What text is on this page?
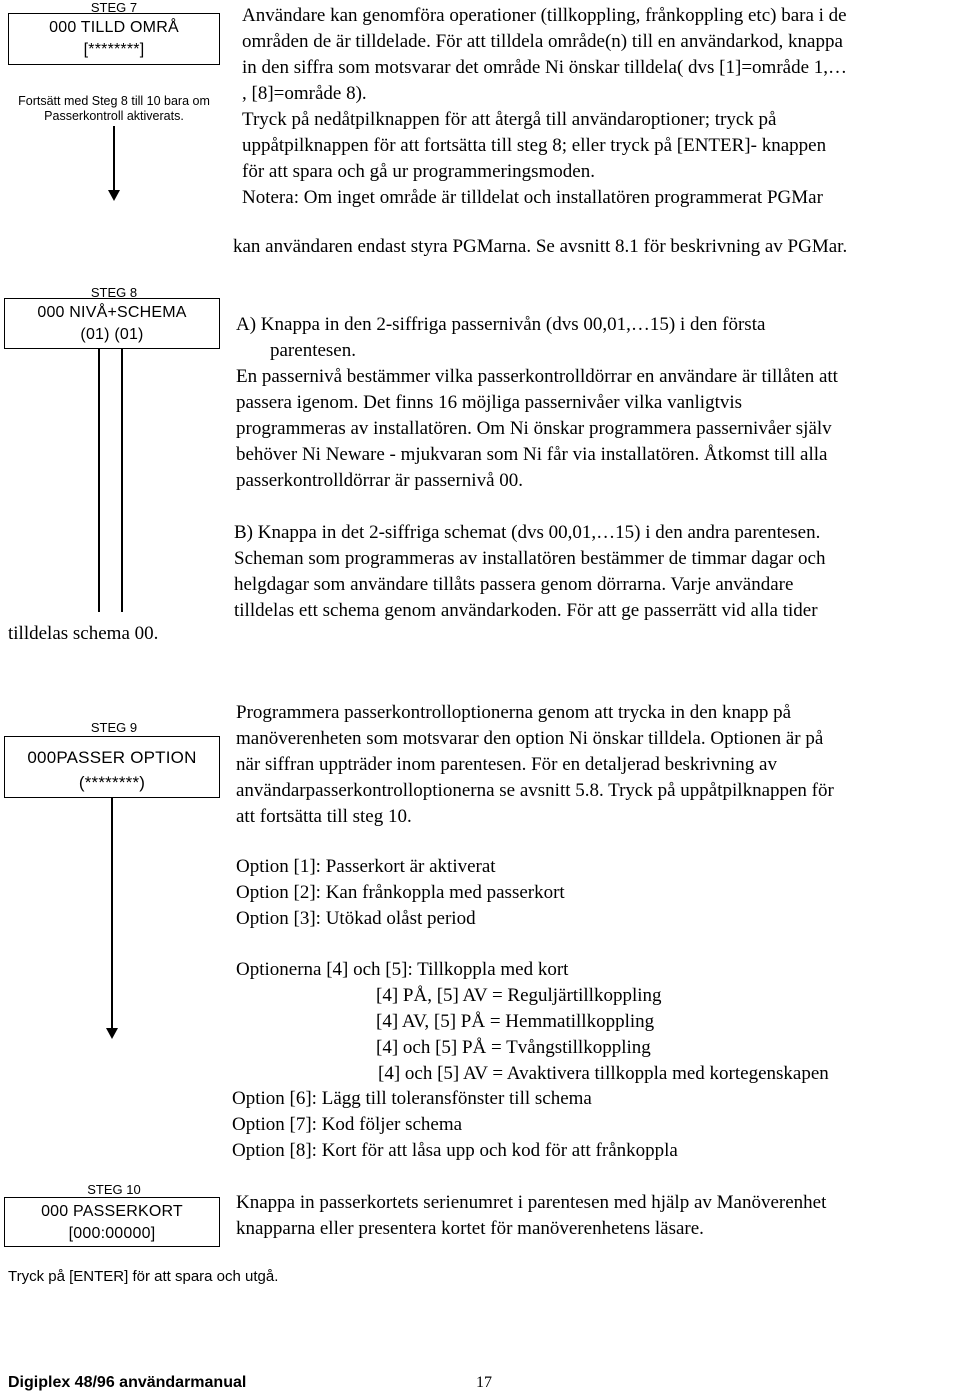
STEG 7
000 TILLD OMRÅ
[********]
Fortsätt med Steg 8 till 10 bara om
Passerkontroll aktiverats.
Användare kan genomföra operationer (tillkoppling, frånkoppling etc) bara i de
områden de är tilldelade. För att tilldela område(n) till en användarkod, knappa
in den siffra som motsvarar det område Ni önskar tilldela( dvs [1]=område 1,…
, [8]=område 8).
Tryck på nedåtpilknappen för att återgå till användaroptioner; tryck på
uppåtpilknappen för att fortsätta till steg 8; eller tryck på [ENTER]- knappen
för att spara och gå ur programmeringsmoden.
Notera: Om inget område är tilldelat och installatören programmerat PGMar
kan användaren endast styra PGMarna. Se avsnitt 8.1 för beskrivning av PGMar.
STEG 8
000 NIVÅ+SCHEMA
(01) (01)
tilldelas schema 00.
A) Knappa in den 2-siffriga passernivån (dvs 00,01,…15) i den första
parentesen.
En passernivå bestämmer vilka passerkontrolldörrar en användare är tillåten att
passera igenom. Det finns 16 möjliga passernivåer vilka vanligtvis
programmeras av installatören. Om Ni önskar programmera passernivåer själv
behöver Ni Neware - mjukvaran som Ni får via installatören. Åtkomst till alla
passerkontrolldörrar är passernivå 00.
B) Knappa in det 2-siffriga schemat (dvs 00,01,…15) i den andra parentesen.
Scheman som programmeras av installatören bestämmer de timmar dagar och
helgdagar som användare tillåts passera genom dörrarna. Varje användare
tilldelas ett schema genom användarkoden. För att ge passerrätt vid alla tider
STEG 9
000PASSER OPTION
(********)
Programmera passerkontrolloptionerna genom att trycka in den knapp på
manöverenheten som motsvarar den option Ni önskar tilldela. Optionen är på
när siffran uppträder inom parentesen. För en detaljerad beskrivning av
användarpasserkontrolloptionerna se avsnitt 5.8. Tryck på uppåtpilknappen för
att fortsätta till steg 10.
Option [1]: Passerkort är aktiverat
Option [2]: Kan frånkoppla med passerkort
Option [3]: Utökad olåst period
Optionerna [4] och [5]: Tillkoppla med kort
[4] PÅ, [5] AV = Reguljärtillkoppling
[4] AV, [5] PÅ = Hemmatillkoppling
[4] och [5] PÅ = Tvångstillkoppling
[4] och [5] AV = Avaktivera tillkoppla med kortegenskapen
Option [6]: Lägg till toleransfönster till schema
Option [7]: Kod följer schema
Option [8]: Kort för att låsa upp och kod för att frånkoppla
STEG 10
000 PASSERKORT
[000:00000]
Tryck på [ENTER] för att spara och utgå.
Knappa in passerkortets serienumret i parentesen med hjälp av Manöverenhet
knapparna eller presentera kortet för manöverenhetens läsare.
Digiplex 48/96 användarmanual	17
